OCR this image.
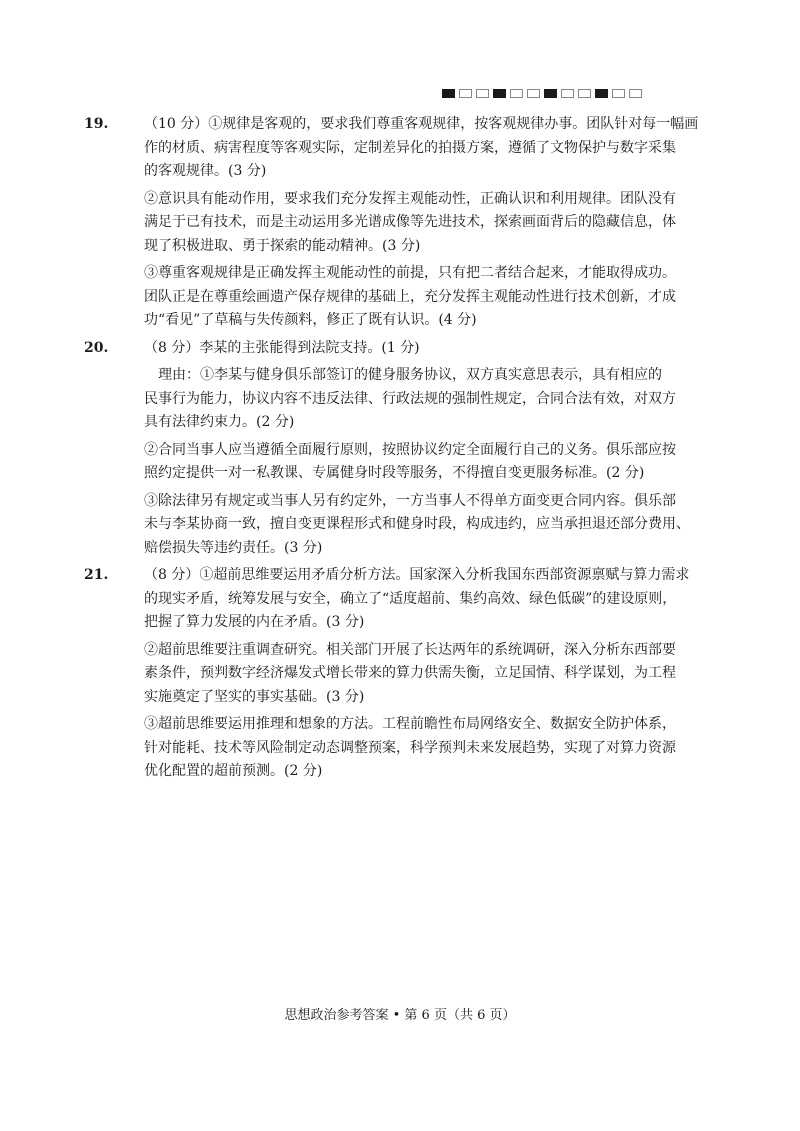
19.	（10 分）①规律是客观的，要求我们尊重客观规律，按客观规律办事。团队针对每一幅画
作的材质、病害程度等客观实际，定制差异化的拍摄方案，遵循了文物保护与数字采集
的客观规律。(3 分)
②意识具有能动作用，要求我们充分发挥主观能动性，正确认识和利用规律。团队没有
满足于已有技术，而是主动运用多光谱成像等先进技术，探索画面背后的隐藏信息，体
现了积极进取、勇于探索的能动精神。(3 分)
③尊重客观规律是正确发挥主观能动性的前提，只有把二者结合起来，才能取得成功。
团队正是在尊重绘画遗产保存规律的基础上，充分发挥主观能动性进行技术创新，才成
功“看见”了草稿与失传颜料，修正了既有认识。(4 分)
20.	（8 分）李某的主张能得到法院支持。(1 分)
　理由：①李某与健身俱乐部签订的健身服务协议，双方真实意思表示，具有相应的
民事行为能力，协议内容不违反法律、行政法规的强制性规定，合同合法有效，对双方
具有法律约束力。(2 分)
②合同当事人应当遵循全面履行原则，按照协议约定全面履行自己的义务。俱乐部应按
照约定提供一对一私教课、专属健身时段等服务，不得擅自变更服务标准。(2 分)
③除法律另有规定或当事人另有约定外，一方当事人不得单方面变更合同内容。俱乐部
未与李某协商一致，擅自变更课程形式和健身时段，构成违约，应当承担退还部分费用、
赔偿损失等违约责任。(3 分)
21.	（8 分）①超前思维要运用矛盾分析方法。国家深入分析我国东西部资源禀赋与算力需求
的现实矛盾，统筹发展与安全，确立了“适度超前、集约高效、绿色低碳”的建设原则，
把握了算力发展的内在矛盾。(3 分)
②超前思维要注重调查研究。相关部门开展了长达两年的系统调研，深入分析东西部要
素条件，预判数字经济爆发式增长带来的算力供需失衡，立足国情、科学谋划，为工程
实施奠定了坚实的事实基础。(3 分)
③超前思维要运用推理和想象的方法。工程前瞻性布局网络安全、数据安全防护体系，
针对能耗、技术等风险制定动态调整预案，科学预判未来发展趋势，实现了对算力资源
优化配置的超前预测。(2 分)
思想政治参考答案 • 第 6 页（共 6 页）
